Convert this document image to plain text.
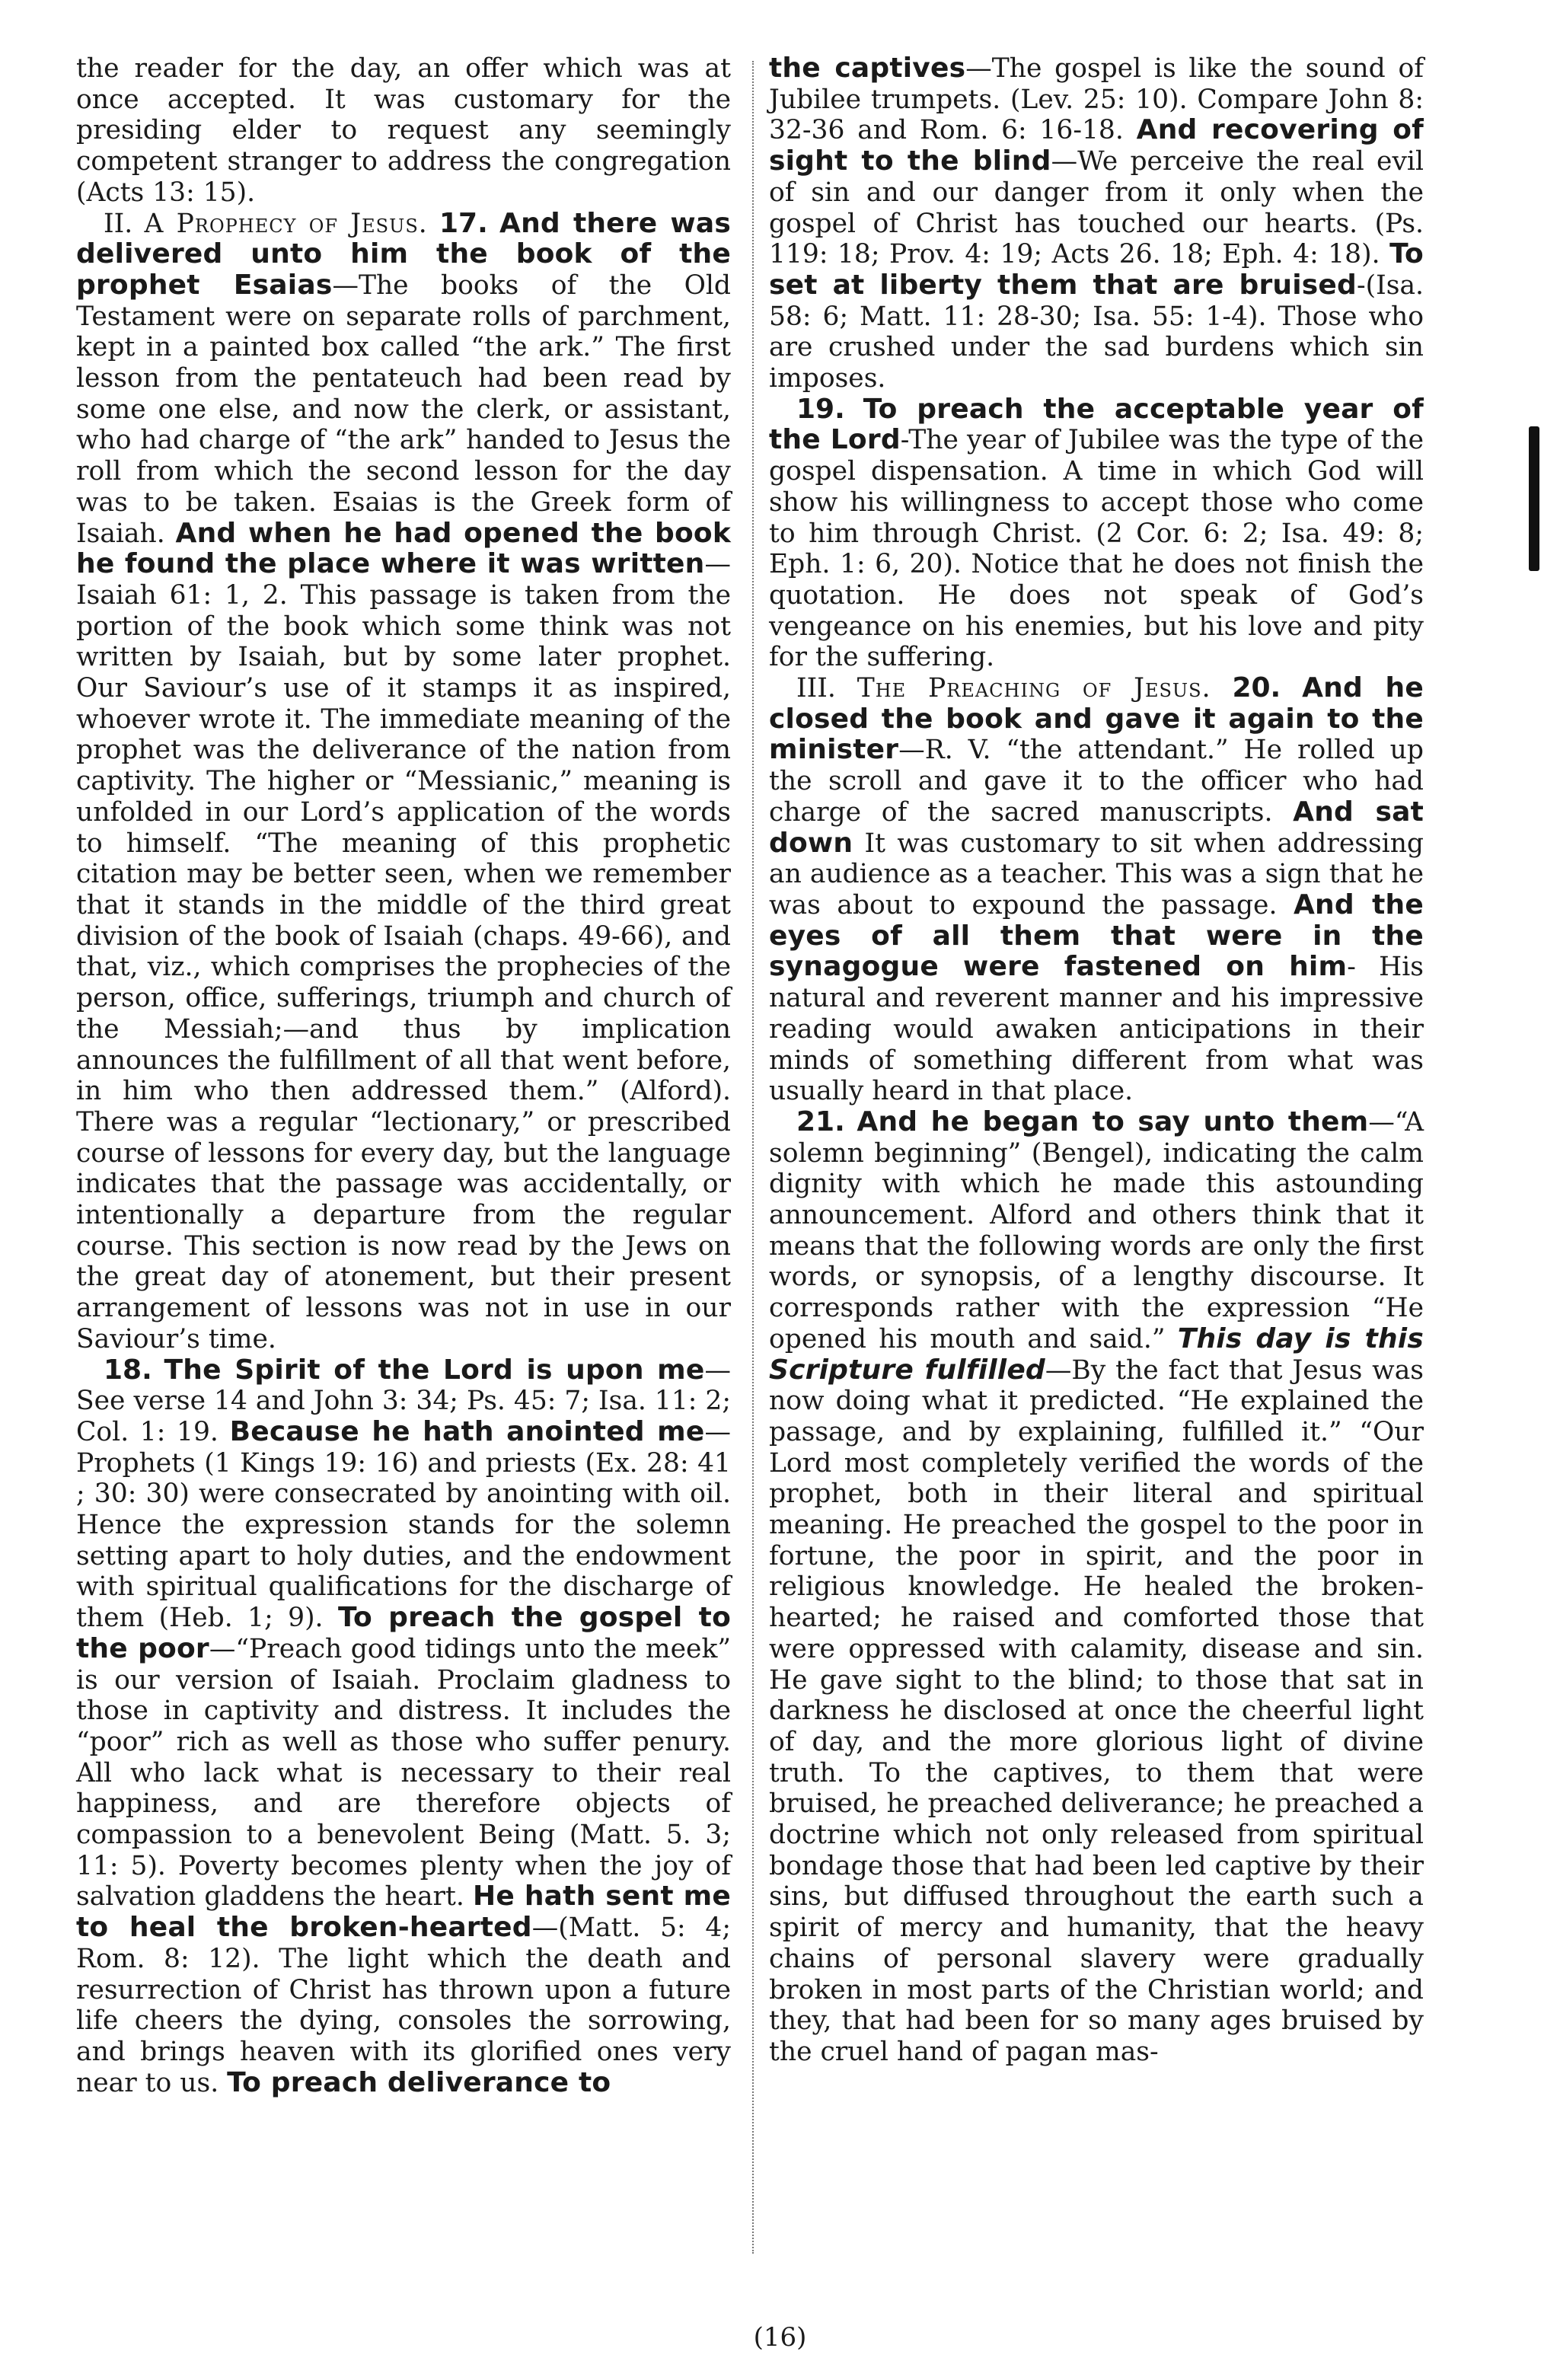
the reader for the day, an offer which was at once accepted. It was customary for the presiding elder to request any seemingly competent stranger to address the congregation (Acts 13: 15).

II. A Prophecy of Jesus. 17. And there was delivered unto him the book of the prophet Esaias—The books of the Old Testament were on separate rolls of parchment, kept in a painted box called “the ark.” The first lesson from the pentateuch had been read by some one else, and now the clerk, or assistant, who had charge of “the ark” handed to Jesus the roll from which the second lesson for the day was to be taken. Esaias is the Greek form of Isaiah. And when he had opened the book he found the place where it was written— Isaiah 61: 1, 2. This passage is taken from the portion of the book which some think was not written by Isaiah, but by some later prophet. Our Saviour’s use of it stamps it as inspired, whoever wrote it. The immediate meaning of the prophet was the deliverance of the nation from captivity. The higher or “Messianic,” meaning is unfolded in our Lord’s application of the words to himself. “The meaning of this prophetic citation may be better seen, when we remember that it stands in the middle of the third great division of the book of Isaiah (chaps. 49-66), and that, viz., which comprises the prophecies of the person, office, sufferings, triumph and church of the Messiah;—and thus by implication announces the fulfillment of all that went before, in him who then addressed them.” (Alford). There was a regular “lectionary,” or prescribed course of lessons for every day, but the language indicates that the passage was accidentally, or intentionally a departure from the regular course. This section is now read by the Jews on the great day of atonement, but their present arrangement of lessons was not in use in our Saviour’s time.

18. The Spirit of the Lord is upon me—See verse 14 and John 3: 34; Ps. 45: 7; Isa. 11: 2; Col. 1: 19. Because he hath anointed me—Prophets (1 Kings 19: 16) and priests (Ex. 28: 41 ; 30: 30) were consecrated by anointing with oil. Hence the expression stands for the solemn setting apart to holy duties, and the endowment with spiritual qualifications for the discharge of them (Heb. 1; 9). To preach the gospel to the poor—“Preach good tidings unto the meek” is our version of Isaiah. Proclaim gladness to those in captivity and distress. It includes the “poor” rich as well as those who suffer penury. All who lack what is necessary to their real happiness, and are therefore objects of compassion to a benevolent Being (Matt. 5. 3; 11: 5). Poverty becomes plenty when the joy of salvation gladdens the heart. He hath sent me to heal the broken-hearted—(Matt. 5: 4; Rom. 8: 12). The light which the death and resurrection of Christ has thrown upon a future life cheers the dying, consoles the sorrowing, and brings heaven with its glorified ones very near to us. To preach deliverance to

the captives—The gospel is like the sound of Jubilee trumpets. (Lev. 25: 10). Compare John 8: 32-36 and Rom. 6: 16-18. And recovering of sight to the blind—We perceive the real evil of sin and our danger from it only when the gospel of Christ has touched our hearts. (Ps. 119: 18; Prov. 4: 19; Acts 26. 18; Eph. 4: 18). To set at liberty them that are bruised-(Isa. 58: 6; Matt. 11: 28-30; Isa. 55: 1-4). Those who are crushed under the sad burdens which sin imposes.

19. To preach the acceptable year of the Lord-The year of Jubilee was the type of the gospel dispensation. A time in which God will show his willingness to accept those who come to him through Christ. (2 Cor. 6: 2; Isa. 49: 8; Eph. 1: 6, 20). Notice that he does not finish the quotation. He does not speak of God’s vengeance on his enemies, but his love and pity for the suffering.

III. The Preaching of Jesus. 20. And he closed the book and gave it again to the minister—R. V. “the attendant.” He rolled up the scroll and gave it to the officer who had charge of the sacred manuscripts. And sat down It was customary to sit when addressing an audience as a teacher. This was a sign that he was about to expound the passage. And the eyes of all them that were in the synagogue were fastened on him- His natural and reverent manner and his impressive reading would awaken anticipations in their minds of something different from what was usually heard in that place.

21. And he began to say unto them—“A solemn beginning” (Bengel), indicating the calm dignity with which he made this astounding announcement. Alford and others think that it means that the following words are only the first words, or synopsis, of a lengthy discourse. It corresponds rather with the expression “He opened his mouth and said.” This day is this Scripture fulfilled—By the fact that Jesus was now doing what it predicted. “He explained the passage, and by explaining, fulfilled it.” “Our Lord most completely verified the words of the prophet, both in their literal and spiritual meaning. He preached the gospel to the poor in fortune, the poor in spirit, and the poor in religious knowledge. He healed the broken-hearted; he raised and comforted those that were oppressed with calamity, disease and sin. He gave sight to the blind; to those that sat in darkness he disclosed at once the cheerful light of day, and the more glorious light of divine truth. To the captives, to them that were bruised, he preached deliverance; he preached a doctrine which not only released from spiritual bondage those that had been led captive by their sins, but diffused throughout the earth such a spirit of mercy and humanity, that the heavy chains of personal slavery were gradually broken in most parts of the Christian world; and they, that had been for so many ages bruised by the cruel hand of pagan mas-

(16)
